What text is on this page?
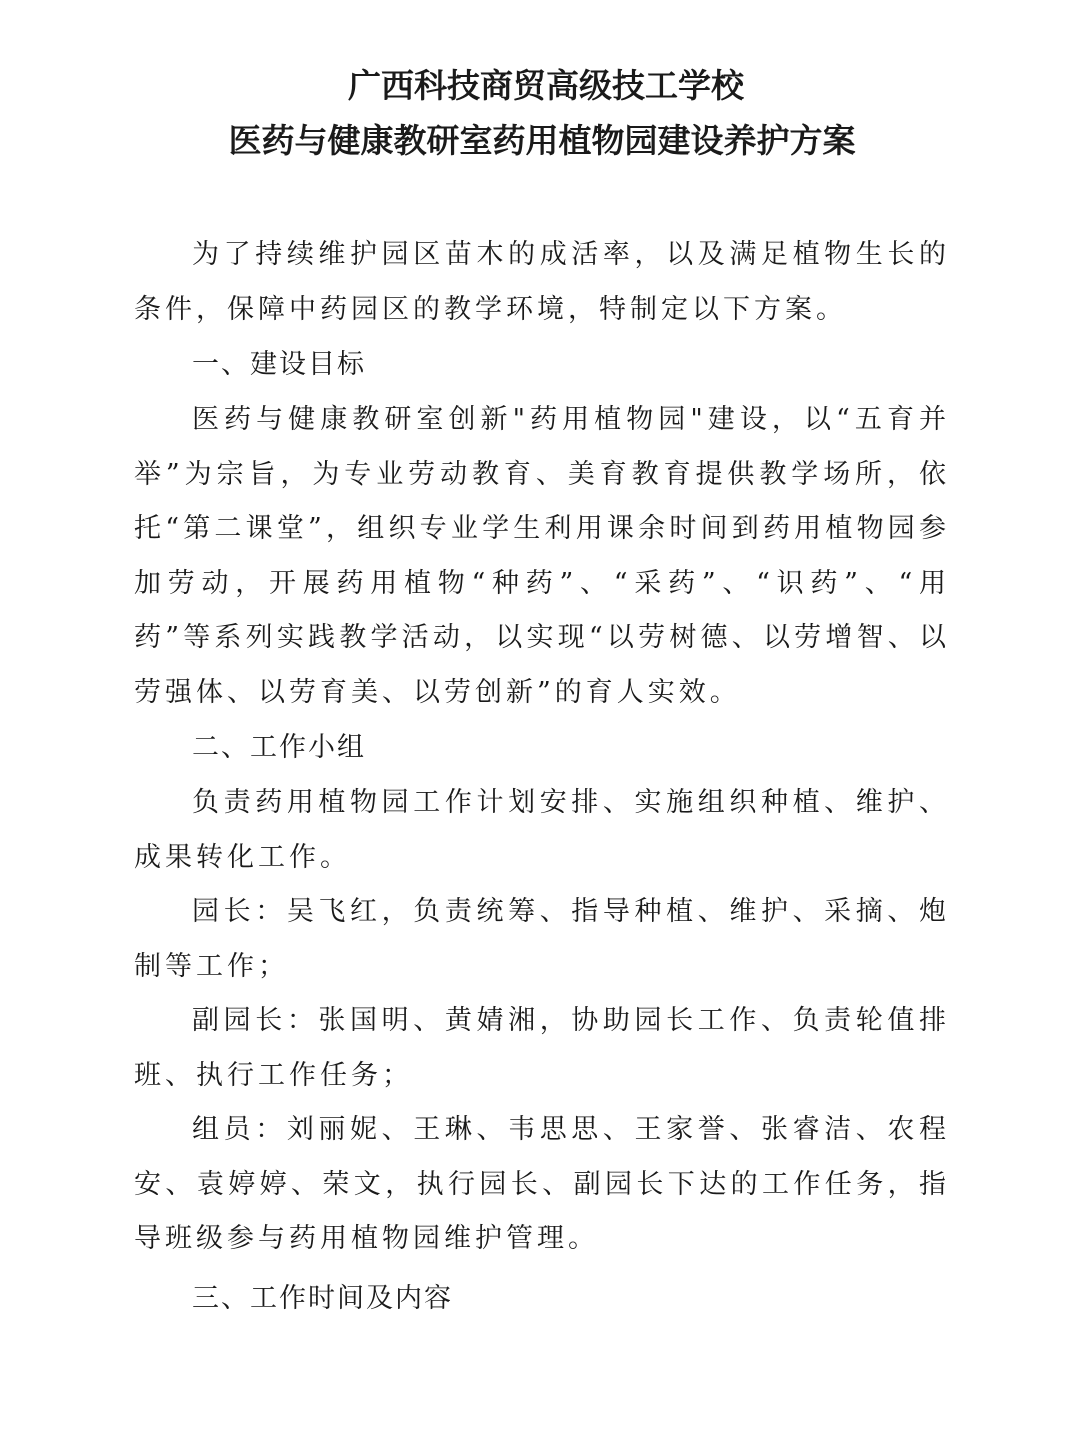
广西科技商贸高级技工学校
医药与健康教研室药用植物园建设养护方案

为了持续维护园区苗木的成活率，以及满足植物生长的条件，保障中药园区的教学环境，特制定以下方案。

一、建设目标

医药与健康教研室创新"药用植物园"建设，以“五育并举”为宗旨，为专业劳动教育、美育教育提供教学场所，依托“第二课堂”，组织专业学生利用课余时间到药用植物园参加劳动，开展药用植物“种药”、“采药”、“识药”、“用药”等系列实践教学活动，以实现“以劳树德、以劳增智、以劳强体、以劳育美、以劳创新”的育人实效。

二、工作小组

负责药用植物园工作计划安排、实施组织种植、维护、成果转化工作。

园长：吴飞红，负责统筹、指导种植、维护、采摘、炮制等工作；

副园长：张国明、黄婧湘，协助园长工作、负责轮值排班、执行工作任务；

组员：刘丽妮、王琳、韦思思、王家誉、张睿洁、农程安、袁婷婷、荣文，执行园长、副园长下达的工作任务，指导班级参与药用植物园维护管理。

三、工作时间及内容
